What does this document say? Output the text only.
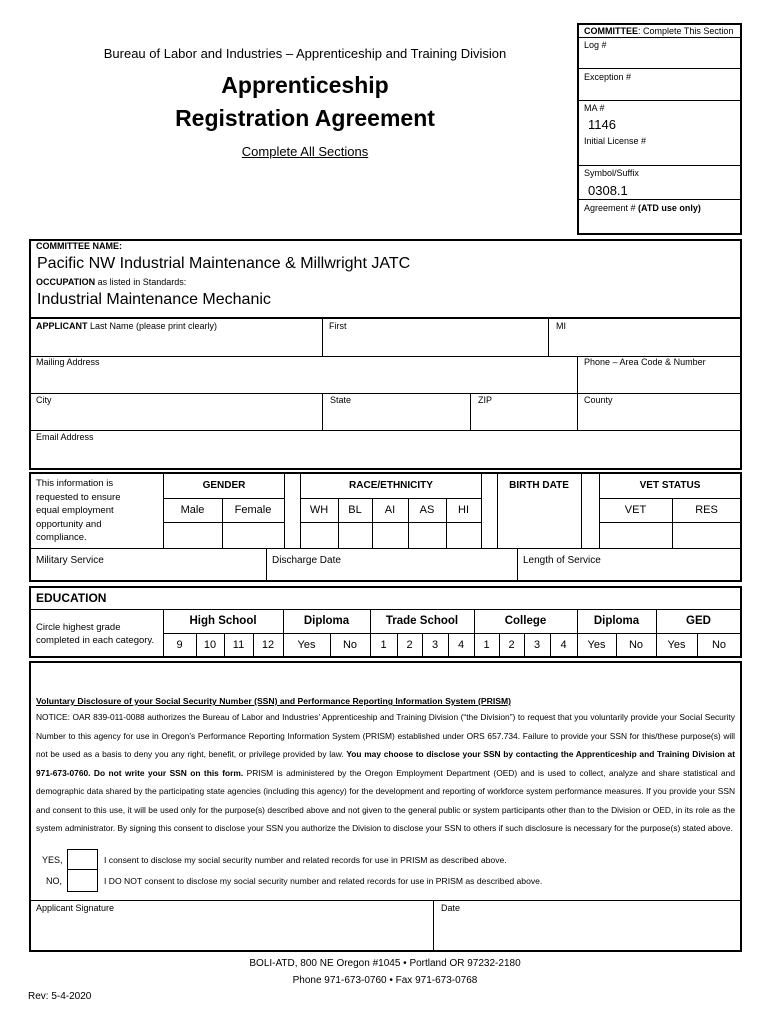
Bureau of Labor and Industries – Apprenticeship and Training Division
Apprenticeship
Registration Agreement
Complete All Sections
COMMITTEE: Complete This Section
Log #
Exception #
MA #
1146
Initial License #
Symbol/Suffix
0308.1
Agreement # (ATD use only)
COMMITTEE NAME:
Pacific NW Industrial Maintenance & Millwright JATC
OCCUPATION as listed in Standards:
Industrial Maintenance Mechanic
APPLICANT Last Name (please print clearly)	First	MI
Mailing Address	Phone – Area Code & Number
City	State	ZIP	County
Email Address
This information is
requested to ensure
equal employment
opportunity and
compliance.
GENDER
Male	Female
RACE/ETHNICITY
WH	BL	AI	AS	HI
BIRTH DATE	VET STATUS
VET	RES
Military Service	Discharge Date	Length of Service
EDUCATION
Circle highest grade
completed in each category.
High School	Diploma	Trade School	College	Diploma	GED
9	10	11	12	Yes	No	1	2	3	4	1	2	3	4	Yes	No	Yes	No
Voluntary Disclosure of your Social Security Number (SSN) and Performance Reporting Information System (PRISM)
NOTICE: OAR 839-011-0088 authorizes the Bureau of Labor and Industries’ Apprenticeship and Training Division (“the Division”) to request that you voluntarily provide your Social Security Number to this agency for use in Oregon’s Performance Reporting Information System (PRISM) established under ORS 657.734. Failure to provide your SSN for this/these purpose(s) will not be used as a basis to deny you any right, benefit, or privilege provided by law. You may choose to disclose your SSN by contacting the Apprenticeship and Training Division at 971-673-0760. Do not write your SSN on this form. PRISM is administered by the Oregon Employment Department (OED) and is used to collect, analyze and share statistical and demographic data shared by the participating state agencies (including this agency) for the development and reporting of workforce system performance measures. If you provide your SSN and consent to this use, it will be used only for the purpose(s) described above and not given to the general public or system participants other than to the Division or OED, in its role as the system administrator. By signing this consent to disclose your SSN you authorize the Division to disclose your SSN to others if such disclosure is necessary for the purpose(s) stated above.
YES,	I consent to disclose my social security number and related records for use in PRISM as described above.
NO,	I DO NOT consent to disclose my social security number and related records for use in PRISM as described above.
Applicant Signature	Date
BOLI-ATD, 800 NE Oregon #1045 • Portland OR 97232-2180
Phone 971-673-0760 • Fax 971-673-0768
Rev: 5-4-2020
